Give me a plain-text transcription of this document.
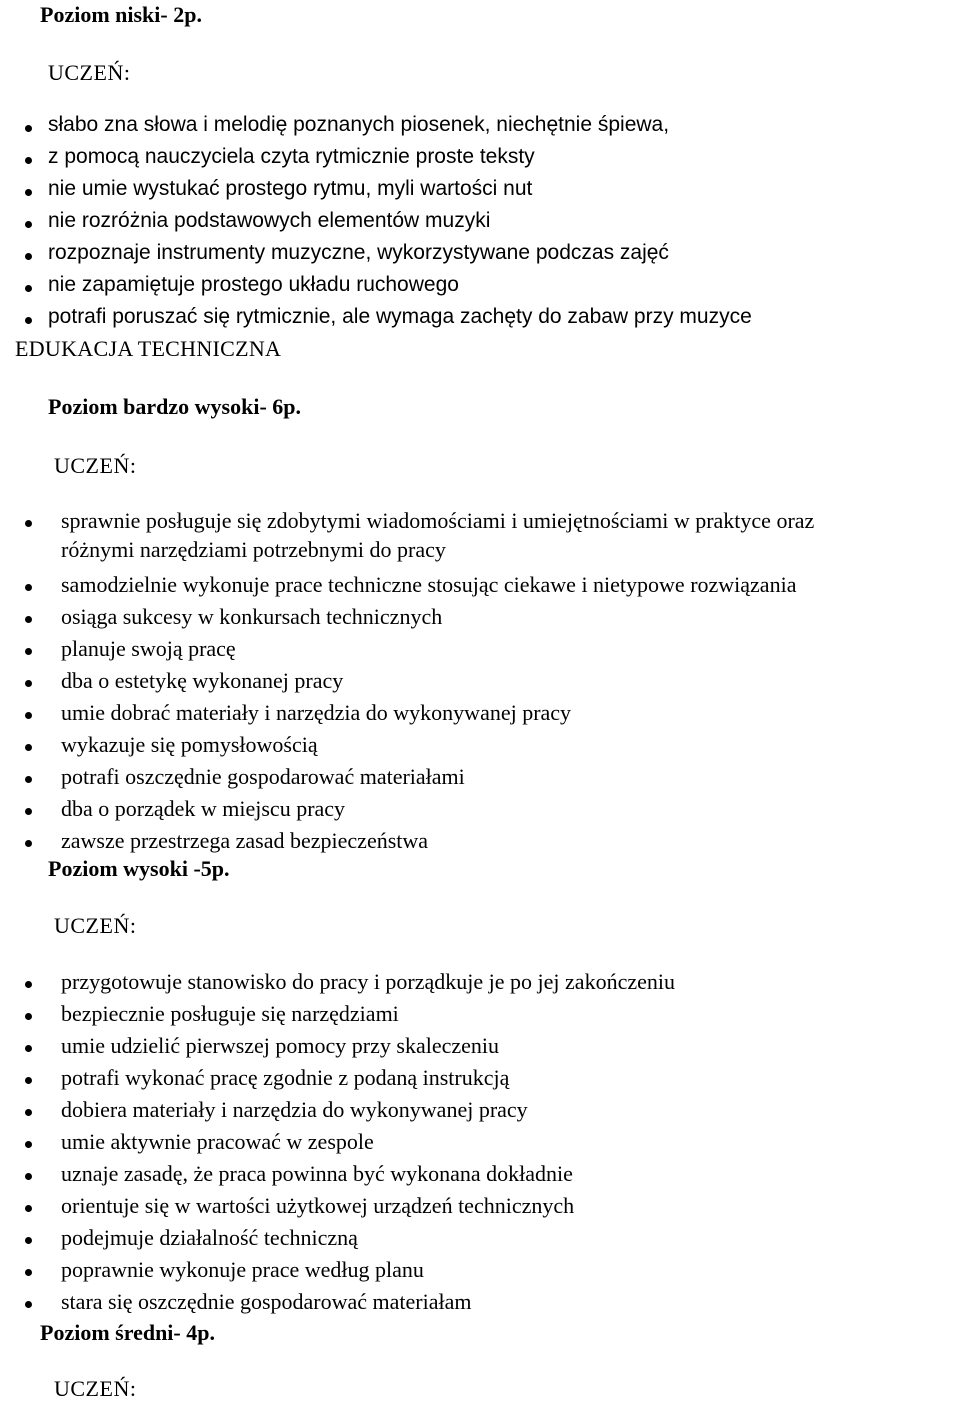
Poziom niski- 2p.
UCZEŃ:
słabo zna słowa i melodię poznanych piosenek, niechętnie śpiewa,
z pomocą nauczyciela czyta rytmicznie proste teksty
nie umie wystukać prostego rytmu, myli wartości nut
nie rozróżnia podstawowych elementów muzyki
rozpoznaje instrumenty muzyczne, wykorzystywane podczas zajęć
nie zapamiętuje prostego układu ruchowego
potrafi poruszać się rytmicznie, ale wymaga zachęty do zabaw przy muzyce
EDUKACJA TECHNICZNA
Poziom bardzo wysoki- 6p.
UCZEŃ:
sprawnie posługuje się zdobytymi wiadomościami i umiejętnościami w praktyce oraz
różnymi narzędziami potrzebnymi do pracy
samodzielnie wykonuje prace techniczne stosując ciekawe i nietypowe rozwiązania
osiąga sukcesy w konkursach technicznych
planuje swoją pracę
dba o estetykę wykonanej pracy
umie dobrać materiały i narzędzia do wykonywanej pracy
wykazuje się pomysłowością
potrafi oszczędnie gospodarować materiałami
dba o porządek w miejscu pracy
zawsze przestrzega zasad bezpieczeństwa
Poziom wysoki -5p.
UCZEŃ:
przygotowuje stanowisko do pracy i porządkuje je po jej zakończeniu
bezpiecznie posługuje się narzędziami
umie udzielić pierwszej pomocy przy skaleczeniu
potrafi wykonać pracę zgodnie z podaną instrukcją
dobiera materiały i narzędzia do wykonywanej pracy
umie aktywnie pracować w zespole
uznaje zasadę, że praca powinna być wykonana dokładnie
orientuje się w wartości użytkowej urządzeń technicznych
podejmuje działalność techniczną
poprawnie wykonuje prace według planu
stara się oszczędnie gospodarować materiałam
Poziom średni- 4p.
UCZEŃ:
